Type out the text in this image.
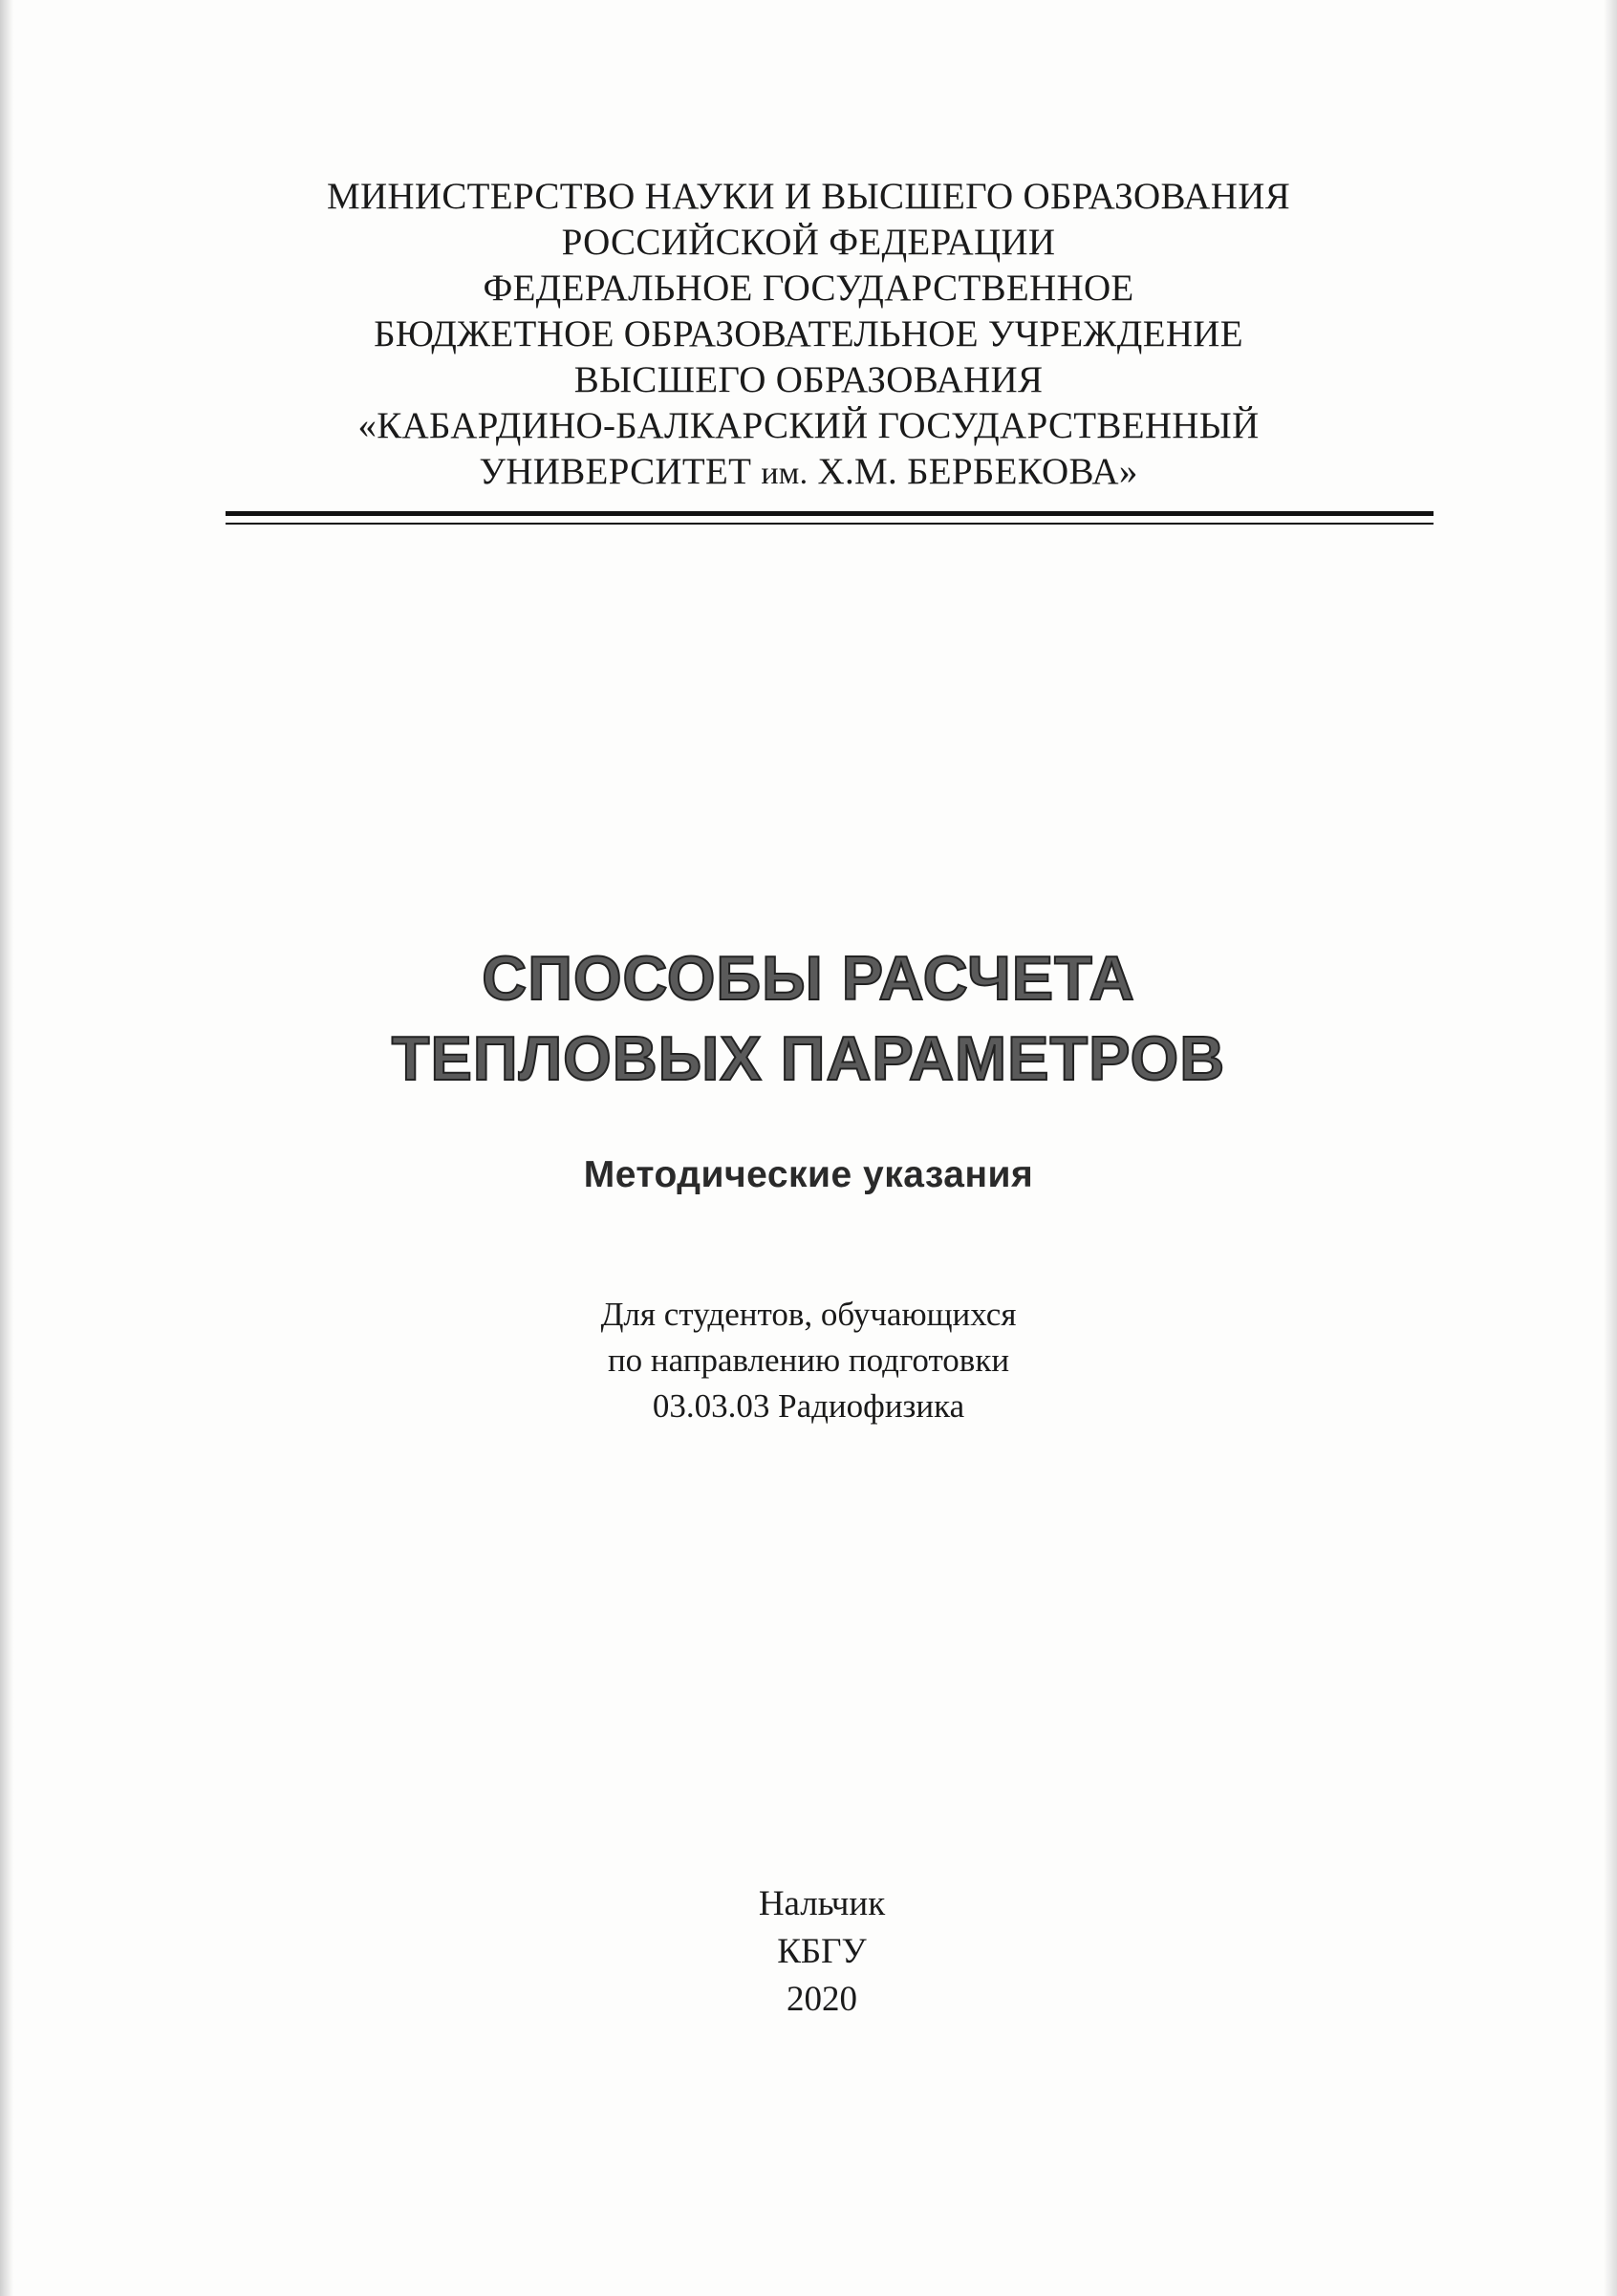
МИНИСТЕРСТВО НАУКИ И ВЫСШЕГО ОБРАЗОВАНИЯ
РОССИЙСКОЙ ФЕДЕРАЦИИ
ФЕДЕРАЛЬНОЕ ГОСУДАРСТВЕННОЕ
БЮДЖЕТНОЕ ОБРАЗОВАТЕЛЬНОЕ УЧРЕЖДЕНИЕ
ВЫСШЕГО ОБРАЗОВАНИЯ
«КАБАРДИНО-БАЛКАРСКИЙ ГОСУДАРСТВЕННЫЙ
УНИВЕРСИТЕТ им. Х.М. БЕРБЕКОВА»
СПОСОБЫ РАСЧЕТА
ТЕПЛОВЫХ ПАРАМЕТРОВ
Методические указания
Для студентов, обучающихся
по направлению подготовки
03.03.03 Радиофизика
Нальчик
КБГУ
2020
